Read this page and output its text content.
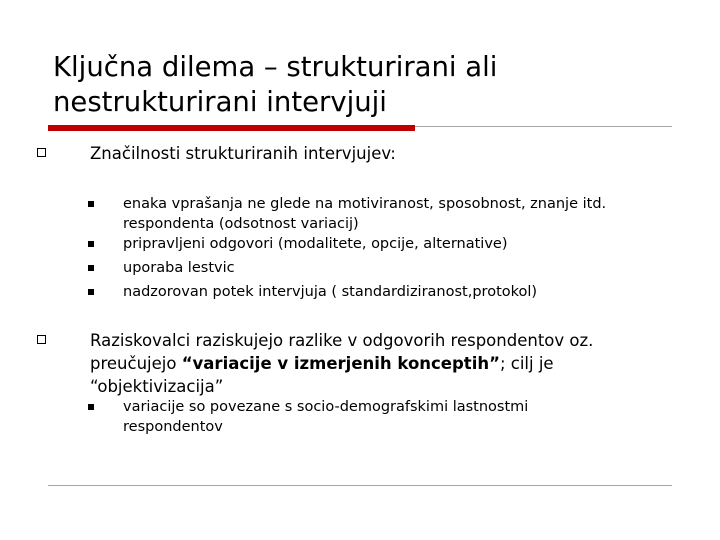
Ključna dilema – strukturirani ali nestrukturirani intervjuji
Značilnosti strukturiranih intervjujev:
enaka vprašanja ne glede na motiviranost, sposobnost, znanje itd. respondenta (odsotnost variacij)
pripravljeni odgovori (modalitete, opcije, alternative)
uporaba lestvic
nadzorovan potek intervjuja ( standardiziranost,protokol)
Raziskovalci raziskujejo razlike v odgovorih respondentov oz. preučujejo “variacije v izmerjenih konceptih”; cilj je “objektivizacija”
variacije so povezane s socio-demografskimi lastnostmi respondentov
